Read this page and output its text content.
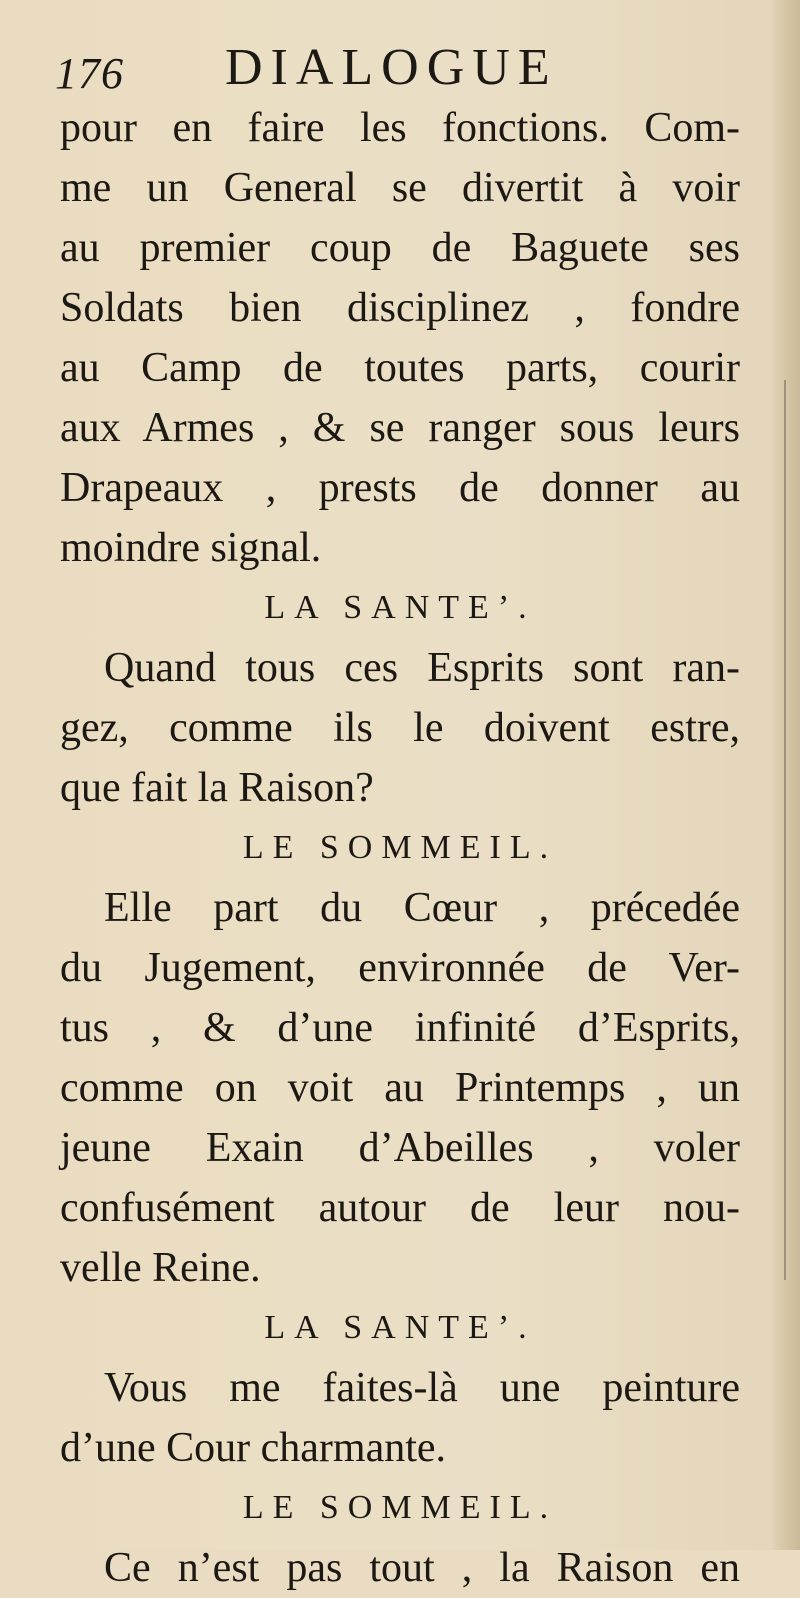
176 DIALOGUE
pour en faire les fonctions. Com-
me un General se divertit à voir
au premier coup de Baguete ses
Soldats bien disciplinez , fondre
au Camp de toutes parts, courir
aux Armes , & se ranger sous leurs
Drapeaux , prests de donner au
moindre signal.
LA SANTE’.
Quand tous ces Esprits sont ran-
gez, comme ils le doivent estre,
que fait la Raison?
LE SOMMEIL.
Elle part du Cœur , précedée
du Jugement, environnée de Ver-
tus , & d’une infinité d’Esprits,
comme on voit au Printemps , un
jeune Exain d’Abeilles , voler
confusément autour de leur nou-
velle Reine.
LA SANTE’.
Vous me faites-là une peinture
d’une Cour charmante.
LE SOMMEIL.
Ce n’est pas tout , la Raison en
